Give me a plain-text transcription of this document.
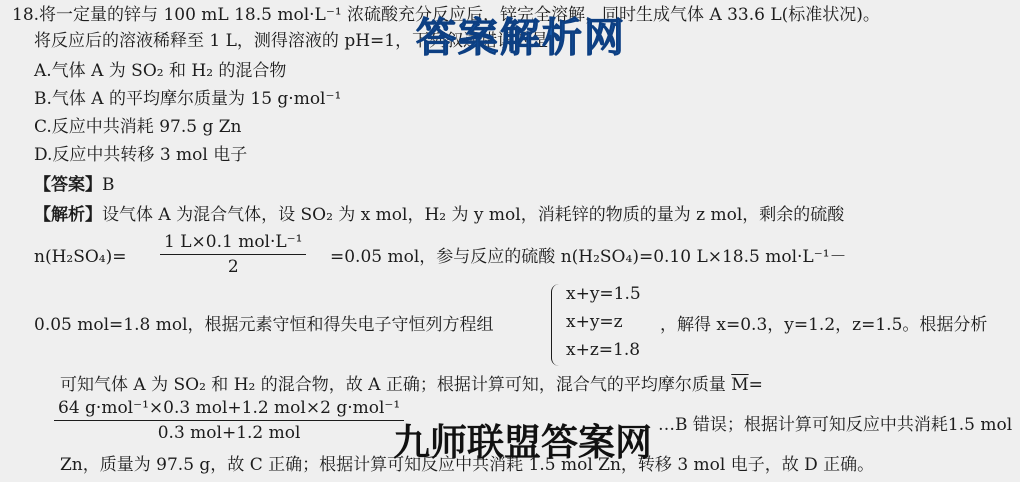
18.将一定量的锌与 100 mL 18.5 mol·L⁻¹ 浓硫酸充分反应后，锌完全溶解，同时生成气体 A 33.6 L(标准状况)。
将反应后的溶液稀释至 1 L，测得溶液的 pH=1，下列叙述错误的是
A.气体 A 为 SO₂ 和 H₂ 的混合物
B.气体 A 的平均摩尔质量为 15 g·mol⁻¹
C.反应中共消耗 97.5 g Zn
D.反应中共转移 3 mol 电子
【答案】B
【解析】设气体 A 为混合气体，设 SO₂ 为 x mol，H₂ 为 y mol，消耗锌的物质的量为 z mol，剩余的硫酸
n(H₂SO₄)=
1 L×0.1 mol·L⁻¹
2	=0.05 mol，参与反应的硫酸 n(H₂SO₄)=0.10 L×18.5 mol·L⁻¹－
0.05 mol=1.8 mol，根据元素守恒和得失电子守恒列方程组
x+y=1.5
x+y=z
x+z=1.8
，解得 x=0.3，y=1.2，z=1.5。根据分析
可知气体 A 为 SO₂ 和 H₂ 的混合物，故 A 正确；根据计算可知，混合气的平均摩尔质量 $\overline{M}=$
64 g·mol⁻¹×0.3 mol+1.2 mol×2 g·mol⁻¹
0.3 mol+1.2 mol	…B 错误；根据计算可知反应中共消耗1.5 mol
Zn，质量为 97.5 g，故 C 正确；根据计算可知反应中共消耗 1.5 mol Zn，转移 3 mol 电子，故 D 正确。
答案解析网
九师联盟答案网
